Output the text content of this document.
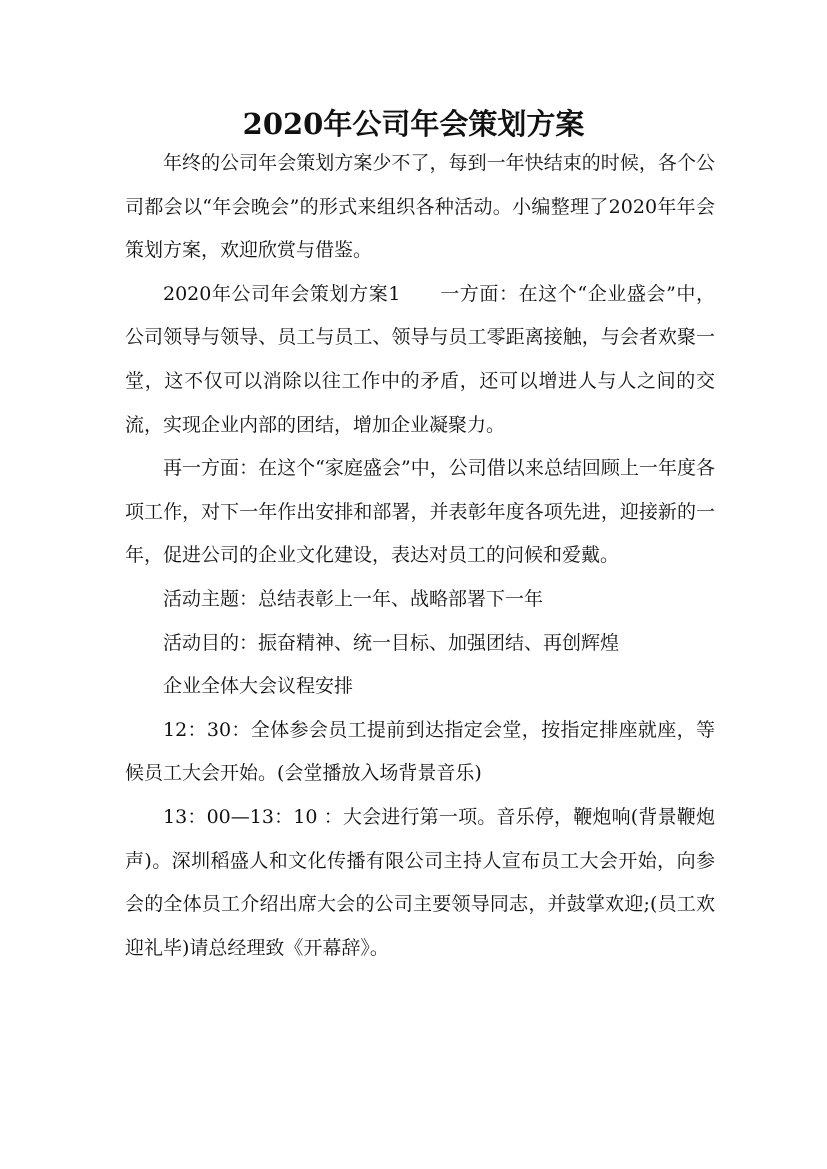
2020年公司年会策划方案

年终的公司年会策划方案少不了，每到一年快结束的时候，各个公司都会以“年会晚会”的形式来组织各种活动。小编整理了2020年年会策划方案，欢迎欣赏与借鉴。

2020年公司年会策划方案1　　一方面：在这个“企业盛会”中，公司领导与领导、员工与员工、领导与员工零距离接触，与会者欢聚一堂，这不仅可以消除以往工作中的矛盾，还可以增进人与人之间的交流，实现企业内部的团结，增加企业凝聚力。

再一方面：在这个“家庭盛会”中，公司借以来总结回顾上一年度各项工作，对下一年作出安排和部署，并表彰年度各项先进，迎接新的一年，促进公司的企业文化建设，表达对员工的问候和爱戴。

活动主题：总结表彰上一年、战略部署下一年

活动目的：振奋精神、统一目标、加强团结、再创辉煌

企业全体大会议程安排

12：30：全体参会员工提前到达指定会堂，按指定排座就座，等候员工大会开始。(会堂播放入场背景音乐)

13：00—13：10 ：大会进行第一项。音乐停，鞭炮响(背景鞭炮声)。深圳稻盛人和文化传播有限公司主持人宣布员工大会开始，向参会的全体员工介绍出席大会的公司主要领导同志，并鼓掌欢迎;(员工欢迎礼毕)请总经理致《开幕辞》。
